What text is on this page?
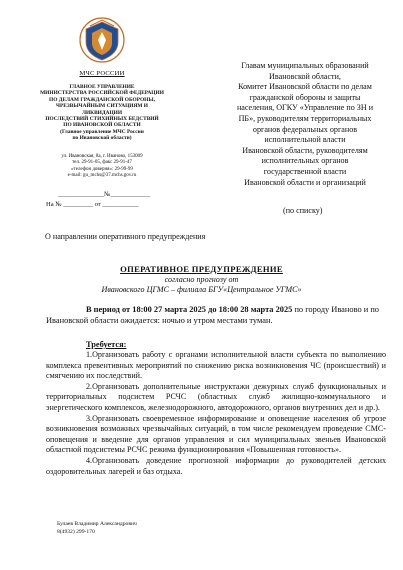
МЧС РОССИИ
ГЛАВНОЕ УПРАВЛЕНИЕ
МИНИСТЕРСТВА РОССИЙСКОЙ ФЕДЕРАЦИИ
ПО ДЕЛАМ ГРАЖДАНСКОЙ ОБОРОНЫ,
ЧРЕЗВЫЧАЙНЫМ СИТУАЦИЯМ И ЛИКВИДАЦИИ
ПОСЛЕДСТВИЙ СТИХИЙНЫХ БЕДСТВИЙ
ПО ИВАНОВСКОЙ ОБЛАСТИ
(Главное управление МЧС России
по Ивановской области)
ул. Ивановская, 8а, г. Иваново, 153009
тел. 29-91-05, факс 29-91-47
«телефон доверия»: 29-99-99
e-mail: gu_mchs@37.mchs.gov.ru
______________№____________
На № _________ от ___________
Главам муниципальных образований
Ивановской области,
Комитет Ивановской области по делам
гражданской обороны и защиты
населения, ОГКУ «Управление по ЗН и
ПБ», руководителям территориальных
органов федеральных органов
исполнительной власти
Ивановской области, руководителям
исполнительных органов
государственной власти
Ивановской области и организаций
(по списку)
О направлении оперативного предупреждения
ОПЕРАТИВНОЕ ПРЕДУПРЕЖДЕНИЕ
согласно прогнозу от
Ивановского ЦГМС – филиала БГУ«Центральное УГМС»
В период от 18:00 27 марта 2025 до 18:00 28 марта 2025 по городу Иваново и по Ивановской области ожидается: ночью и утром местами туман.
Требуется:

1.Организовать работу с органами исполнительной власти субъекта по выполнению комплекса превентивных мероприятий по снижению риска возникновения ЧС (происшествий) и смягчению их последствий.

2.Организовать дополнительные инструктажи дежурных служб функциональных и территориальных подсистем РСЧС (областных служб жилищно-коммунального и энергетического комплексов, железнодорожного, автодорожного, органов внутренних дел и др.).

3.Организовать своевременное информирование и оповещение населения об угрозе возникновения возможных чрезвычайных ситуаций, в том числе рекомендуем проведение СМС-оповещения и введение для органов управления и сил муниципальных звеньев Ивановской областной подсистемы РСЧС режима функционирования «Повышенная готовность».

4.Организовать доведение прогнозной информации до руководителей детских оздоровительных лагерей и баз отдыха.

Булаев Владимир Александрович
8(4932) 299-170
